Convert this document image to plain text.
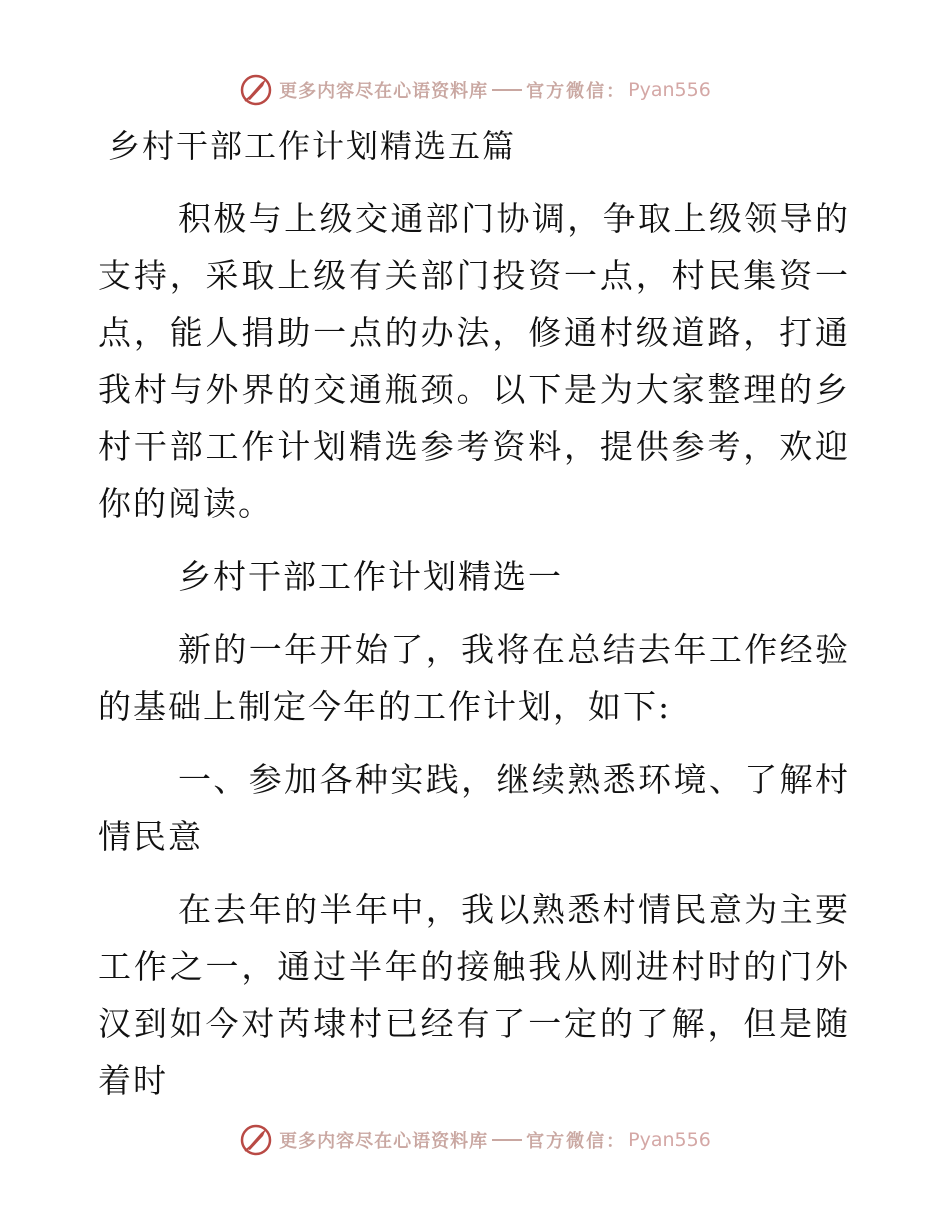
更多内容尽在心语资料库 官方微信： Pyan556
乡村干部工作计划精选五篇

积极与上级交通部门协调，争取上级领导的支持，采取上级有关部门投资一点，村民集资一点，能人捐助一点的办法，修通村级道路，打通我村与外界的交通瓶颈。以下是为大家整理的乡村干部工作计划精选参考资料，提供参考，欢迎你的阅读。

乡村干部工作计划精选一

新的一年开始了，我将在总结去年工作经验的基础上制定今年的工作计划，如下:

一、参加各种实践，继续熟悉环境、了解村情民意

在去年的半年中，我以熟悉村情民意为主要工作之一，通过半年的接触我从刚进村时的门外汉到如今对芮埭村已经有了一定的了解，但是随着时

更多内容尽在心语资料库 官方微信： Pyan556
